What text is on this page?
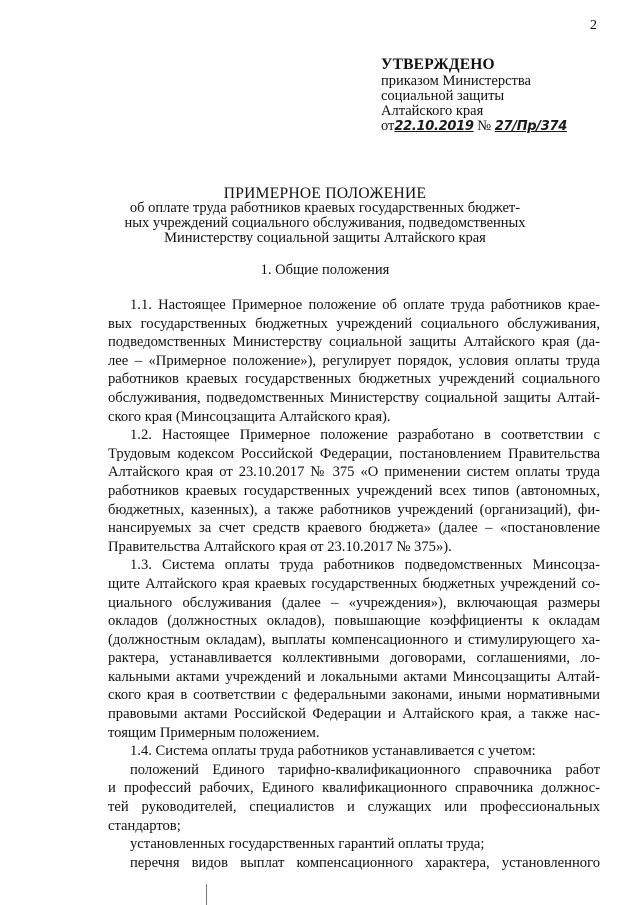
2
УТВЕРЖДЕНО
приказом Министерства
социальной защиты
Алтайского края
от22.10.2019 № 27/Пр/374
ПРИМЕРНОЕ ПОЛОЖЕНИЕ
об оплате труда работников краевых государственных бюджет-
ных учреждений социального обслуживания, подведомственных
Министерству социальной защиты Алтайского края
1. Общие положения
1.1. Настоящее Примерное положение об оплате труда работников крае-
вых государственных бюджетных учреждений социального обслуживания,
подведомственных Министерству социальной защиты Алтайского края (да-
лее – «Примерное положение»), регулирует порядок, условия оплаты труда
работников краевых государственных бюджетных учреждений социального
обслуживания, подведомственных Министерству социальной защиты Алтай-
ского края (Минсоцзащита Алтайского края).
1.2. Настоящее Примерное положение разработано в соответствии с
Трудовым кодексом Российской Федерации, постановлением Правительства
Алтайского края от 23.10.2017 № 375 «О применении систем оплаты труда
работников краевых государственных учреждений всех типов (автономных,
бюджетных, казенных), а также работников учреждений (организаций), фи-
нансируемых за счет средств краевого бюджета» (далее – «постановление
Правительства Алтайского края от 23.10.2017 № 375»).
1.3. Система оплаты труда работников подведомственных Минсоцза-
щите Алтайского края краевых государственных бюджетных учреждений со-
циального обслуживания (далее – «учреждения»), включающая размеры
окладов (должностных окладов), повышающие коэффициенты к окладам
(должностным окладам), выплаты компенсационного и стимулирующего ха-
рактера, устанавливается коллективными договорами, соглашениями, ло-
кальными актами учреждений и локальными актами Минсоцзащиты Алтай-
ского края в соответствии с федеральными законами, иными нормативными
правовыми актами Российской Федерации и Алтайского края, а также нас-
тоящим Примерным положением.
1.4. Система оплаты труда работников устанавливается с учетом:
положений Единого тарифно-квалификационного справочника работ
и профессий рабочих, Единого квалификационного справочника должнос-
тей руководителей, специалистов и служащих или профессиональных
стандартов;
установленных государственных гарантий оплаты труда;
перечня видов выплат компенсационного характера, установленного
